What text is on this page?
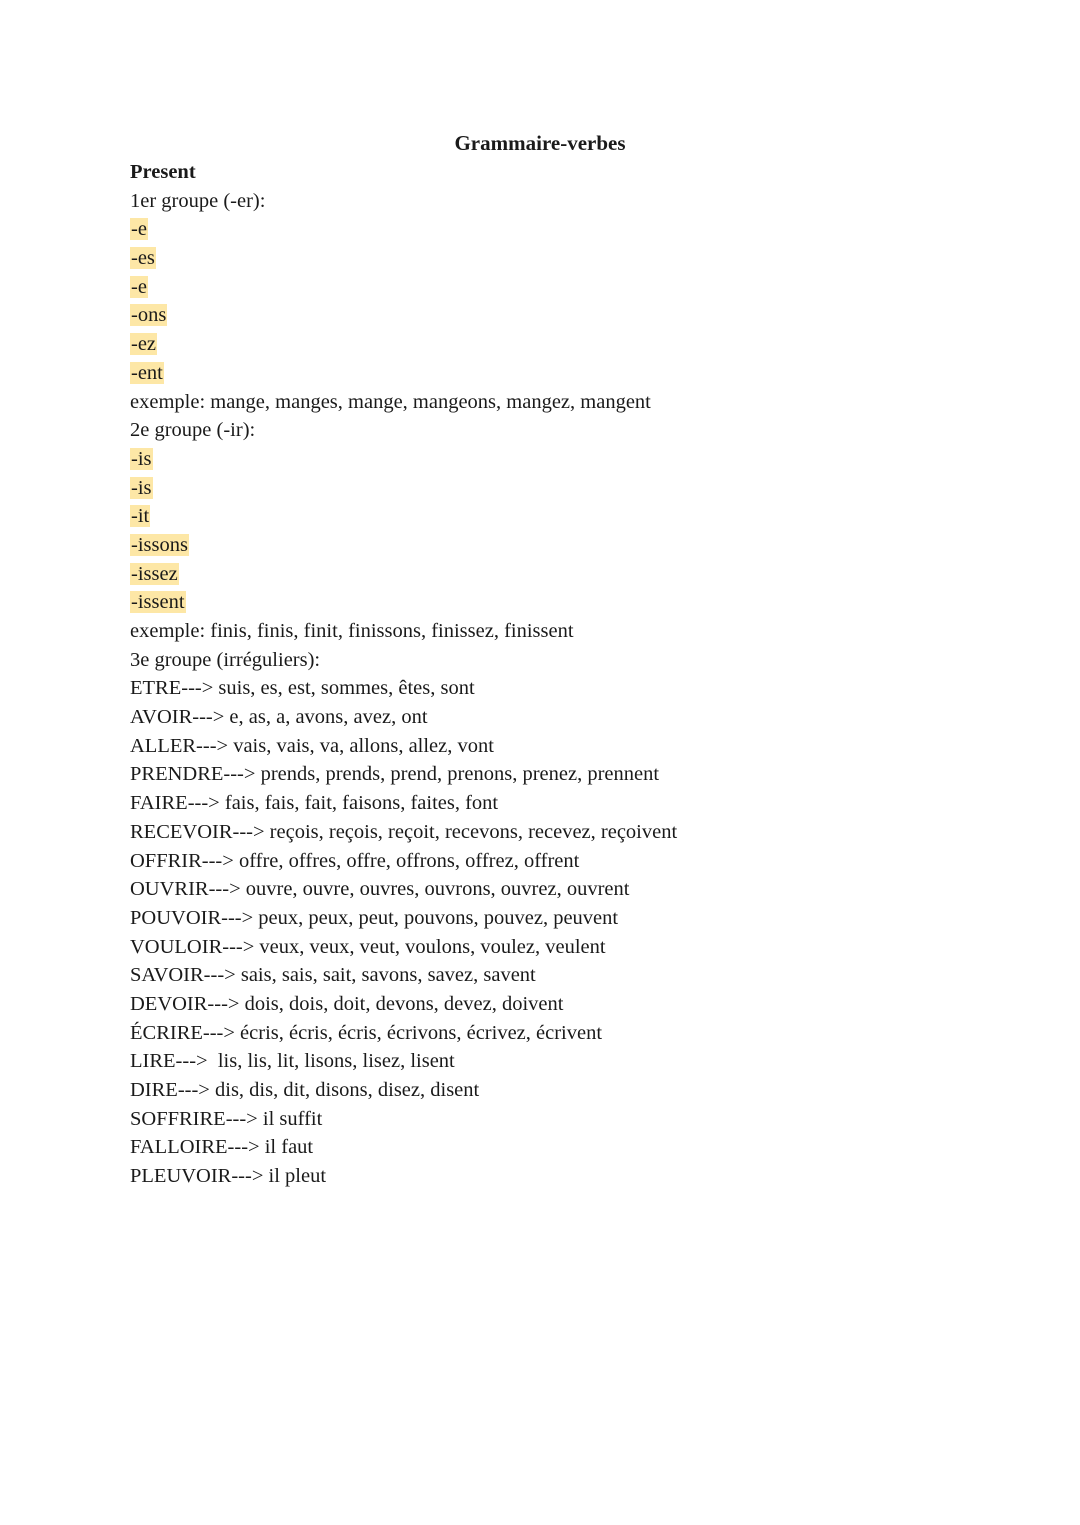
Grammaire-verbes
Present
1er groupe (-er):
-e
-es
-e
-ons
-ez
-ent
exemple: mange, manges, mange, mangeons, mangez, mangent
2e groupe (-ir):
-is
-is
-it
-issons
-issez
-issent
exemple: finis, finis, finit, finissons, finissez, finissent
3e groupe (irréguliers):
ETRE---> suis, es, est, sommes, êtes, sont
AVOIR---> e, as, a, avons, avez, ont
ALLER---> vais, vais, va, allons, allez, vont
PRENDRE---> prends, prends, prend, prenons, prenez, prennent
FAIRE---> fais, fais, fait, faisons, faites, font
RECEVOIR---> reçois, reçois, reçoit, recevons, recevez, reçoivent
OFFRIR---> offre, offres, offre, offrons, offrez, offrent
OUVRIR---> ouvre, ouvre, ouvres, ouvrons, ouvrez, ouvrent
POUVOIR---> peux, peux, peut, pouvons, pouvez, peuvent
VOULOIR---> veux, veux, veut, voulons, voulez, veulent
SAVOIR---> sais, sais, sait, savons, savez, savent
DEVOIR---> dois, dois, doit, devons, devez, doivent
ÉCRIRE---> écris, écris, écris, écrivons, écrivez, écrivent
LIRE--->  lis, lis, lit, lisons, lisez, lisent
DIRE---> dis, dis, dit, disons, disez, disent
SOFFRIRE---> il suffit
FALLOIRE---> il faut
PLEUVOIR---> il pleut
